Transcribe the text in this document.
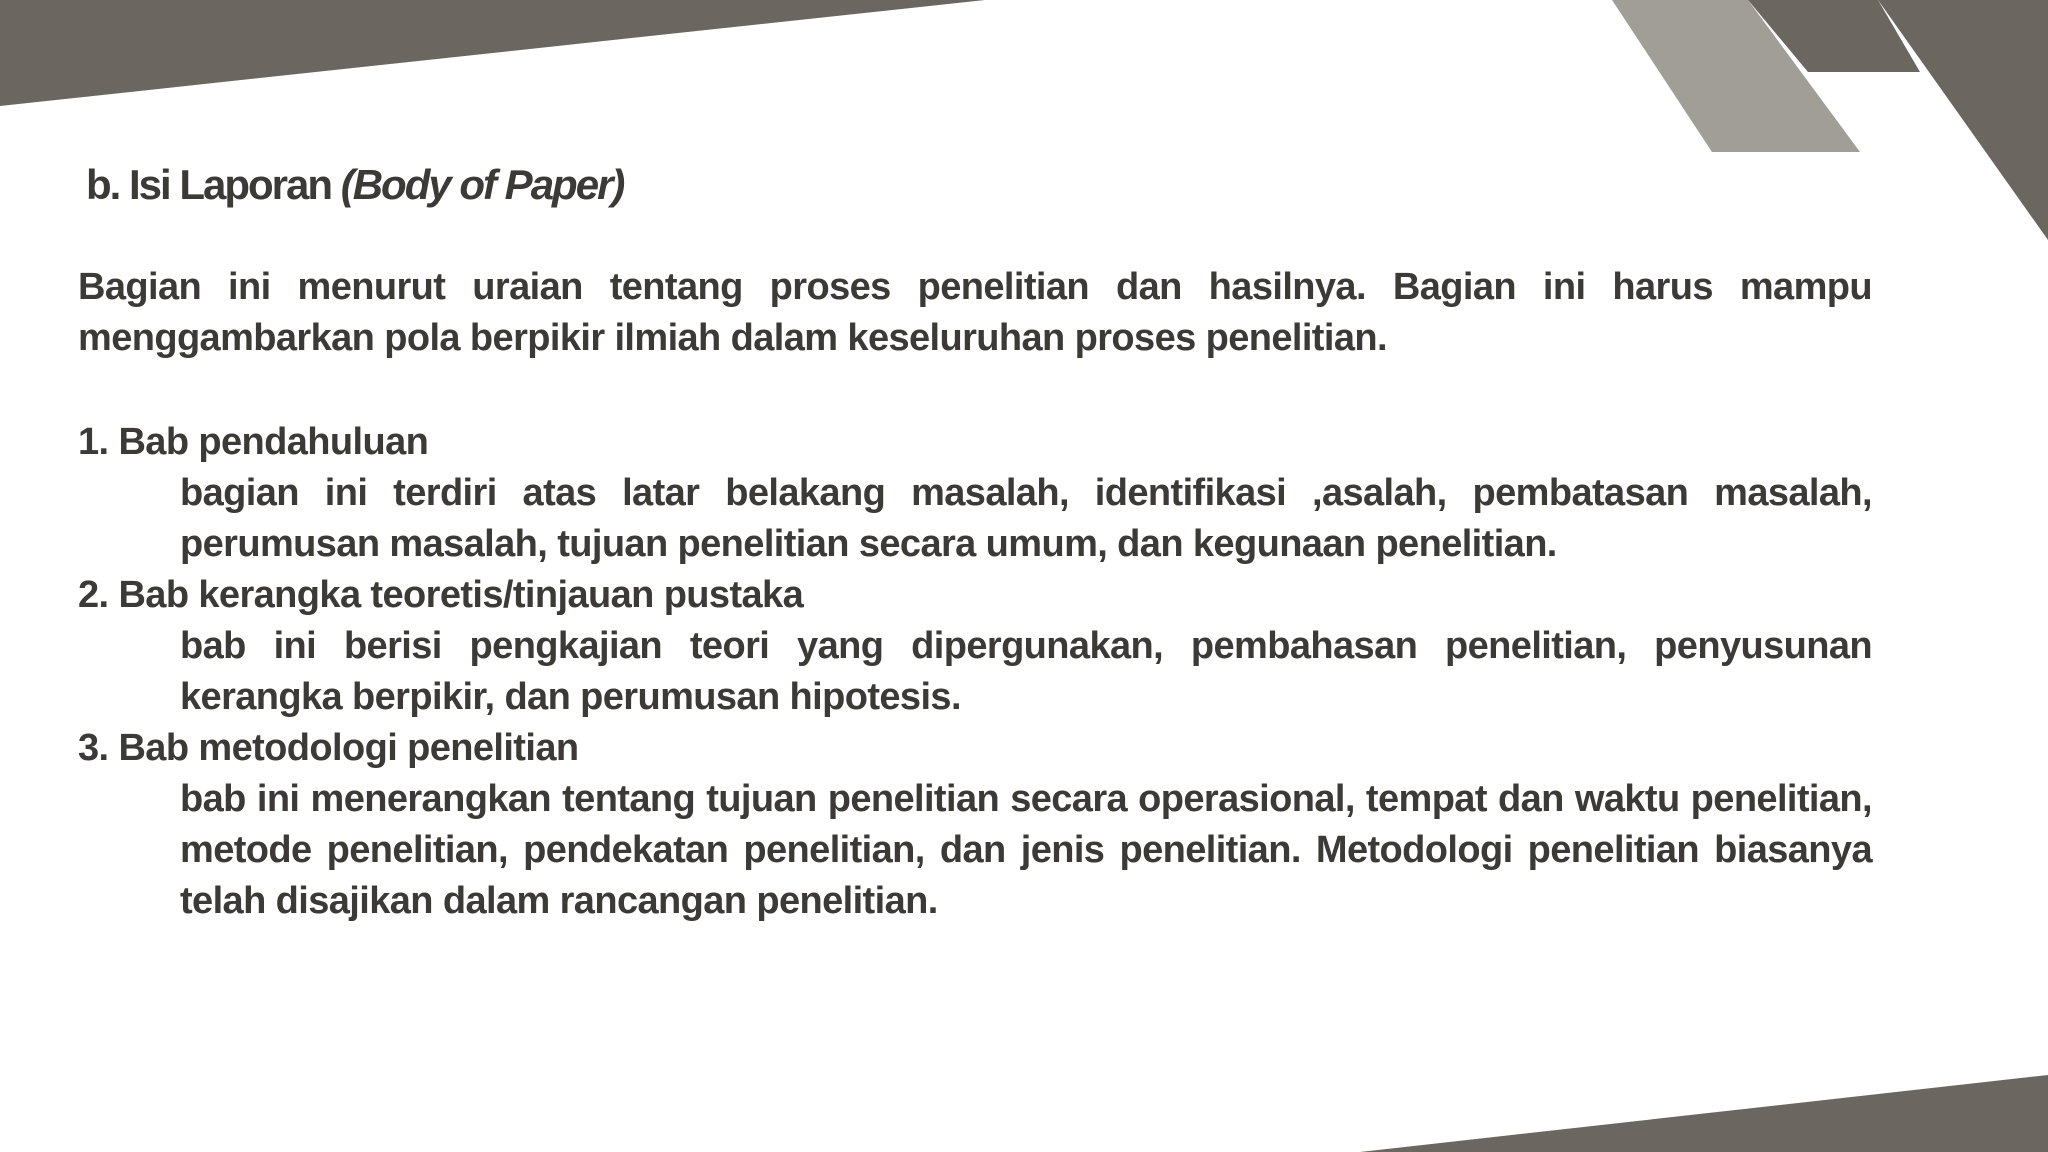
b. Isi Laporan (Body of Paper)

Bagian ini menurut uraian tentang proses penelitian dan hasilnya. Bagian ini harus mampu menggambarkan pola berpikir ilmiah dalam keseluruhan proses penelitian.

1. Bab pendahuluan

bagian ini terdiri atas latar belakang masalah, identifikasi ,asalah, pembatasan masalah, perumusan masalah, tujuan penelitian secara umum, dan kegunaan penelitian.

2. Bab kerangka teoretis/tinjauan pustaka

bab ini berisi pengkajian teori yang dipergunakan, pembahasan penelitian, penyusunan kerangka berpikir, dan perumusan hipotesis.

3. Bab metodologi penelitian

bab ini menerangkan tentang tujuan penelitian secara operasional, tempat dan waktu penelitian, metode penelitian, pendekatan penelitian, dan jenis penelitian. Metodologi penelitian biasanya telah disajikan dalam rancangan penelitian.
